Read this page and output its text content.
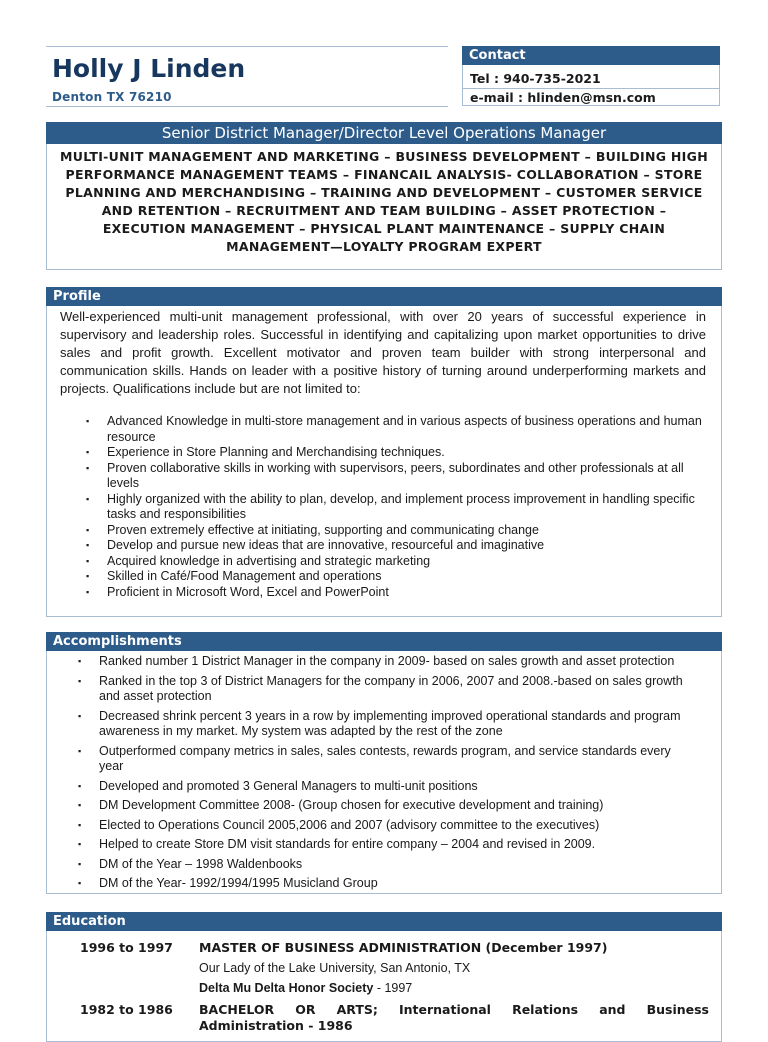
Holly J Linden
Denton TX 76210
Contact
Tel : 940-735-2021
e-mail : hlinden@msn.com
Senior District Manager/Director Level Operations Manager
MULTI-UNIT MANAGEMENT AND MARKETING – BUSINESS DEVELOPMENT – BUILDING HIGH PERFORMANCE MANAGEMENT TEAMS – FINANCAIL ANALYSIS- COLLABORATION – STORE PLANNING AND MERCHANDISING – TRAINING AND DEVELOPMENT – CUSTOMER SERVICE AND RETENTION – RECRUITMENT AND TEAM BUILDING – ASSET PROTECTION – EXECUTION MANAGEMENT – PHYSICAL PLANT MAINTENANCE – SUPPLY CHAIN MANAGEMENT—LOYALTY PROGRAM EXPERT
Profile
Well-experienced multi-unit management professional, with over 20 years of successful experience in supervisory and leadership roles. Successful in identifying and capitalizing upon market opportunities to drive sales and profit growth. Excellent motivator and proven team builder with strong interpersonal and communication skills. Hands on leader with a positive history of turning around underperforming markets and projects. Qualifications include but are not limited to:
▪ Advanced Knowledge in multi-store management and in various aspects of business operations and human resource
▪ Experience in Store Planning and Merchandising techniques.
▪ Proven collaborative skills in working with supervisors, peers, subordinates and other professionals at all levels
▪ Highly organized with the ability to plan, develop, and implement process improvement in handling specific tasks and responsibilities
▪ Proven extremely effective at initiating, supporting and communicating change
▪ Develop and pursue new ideas that are innovative, resourceful and imaginative
▪ Acquired knowledge in advertising and strategic marketing
▪ Skilled in Café/Food Management and operations
▪ Proficient in Microsoft Word, Excel and PowerPoint
Accomplishments
▪ Ranked number 1 District Manager in the company in 2009- based on sales growth and asset protection
▪ Ranked in the top 3 of District Managers for the company in 2006, 2007 and 2008.-based on sales growth and asset protection
▪ Decreased shrink percent 3 years in a row by implementing improved operational standards and program awareness in my market. My system was adapted by the rest of the zone
▪ Outperformed company metrics in sales, sales contests, rewards program, and service standards every year
▪ Developed and promoted 3 General Managers to multi-unit positions
▪ DM Development Committee 2008- (Group chosen for executive development and training)
▪ Elected to Operations Council 2005,2006 and 2007 (advisory committee to the executives)
▪ Helped to create Store DM visit standards for entire company – 2004 and revised in 2009.
▪ DM of the Year – 1998 Waldenbooks
▪ DM of the Year- 1992/1994/1995 Musicland Group
Education
1996 to 1997 MASTER OF BUSINESS ADMINISTRATION (December 1997)
Our Lady of the Lake University, San Antonio, TX
Delta Mu Delta Honor Society - 1997
1982 to 1986 BACHELOR OR ARTS; International Relations and Business Administration - 1986
